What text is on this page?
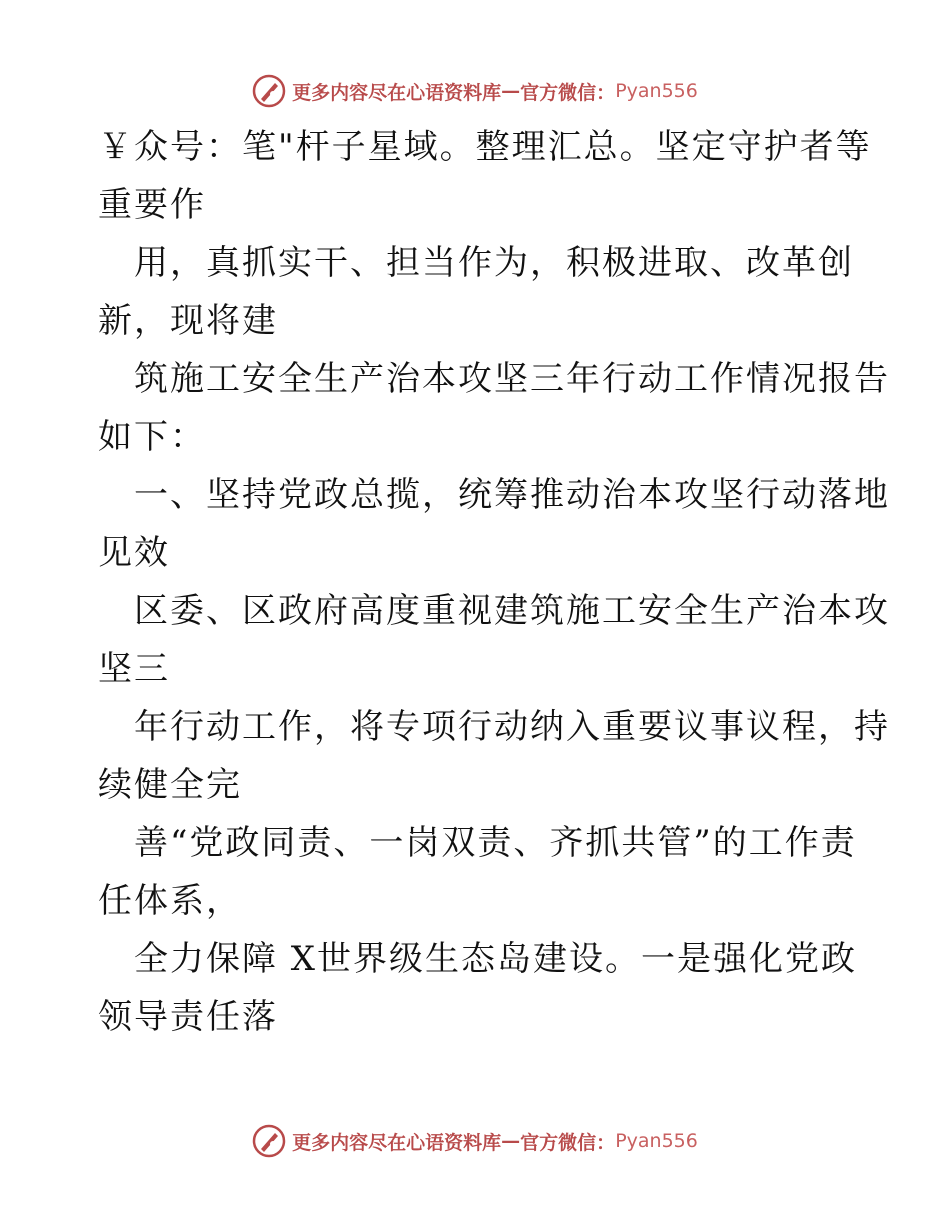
更多内容尽在心语资料库 — 官方微信： Pyan556
￥众号：笔"杆子星域。整理汇总。坚定守护者等
重要作
用，真抓实干、担当作为，积极进取、改革创
新，现将建
筑施工安全生产治本攻坚三年行动工作情况报告
如下：
一、坚持党政总揽，统筹推动治本攻坚行动落地
见效
区委、区政府高度重视建筑施工安全生产治本攻
坚三
年行动工作，将专项行动纳入重要议事议程，持
续健全完
善“党政同责、一岗双责、齐抓共管”的工作责
任体系，
全力保障 X世界级生态岛建设。一是强化党政
领导责任落
更多内容尽在心语资料库 — 官方微信： Pyan556
